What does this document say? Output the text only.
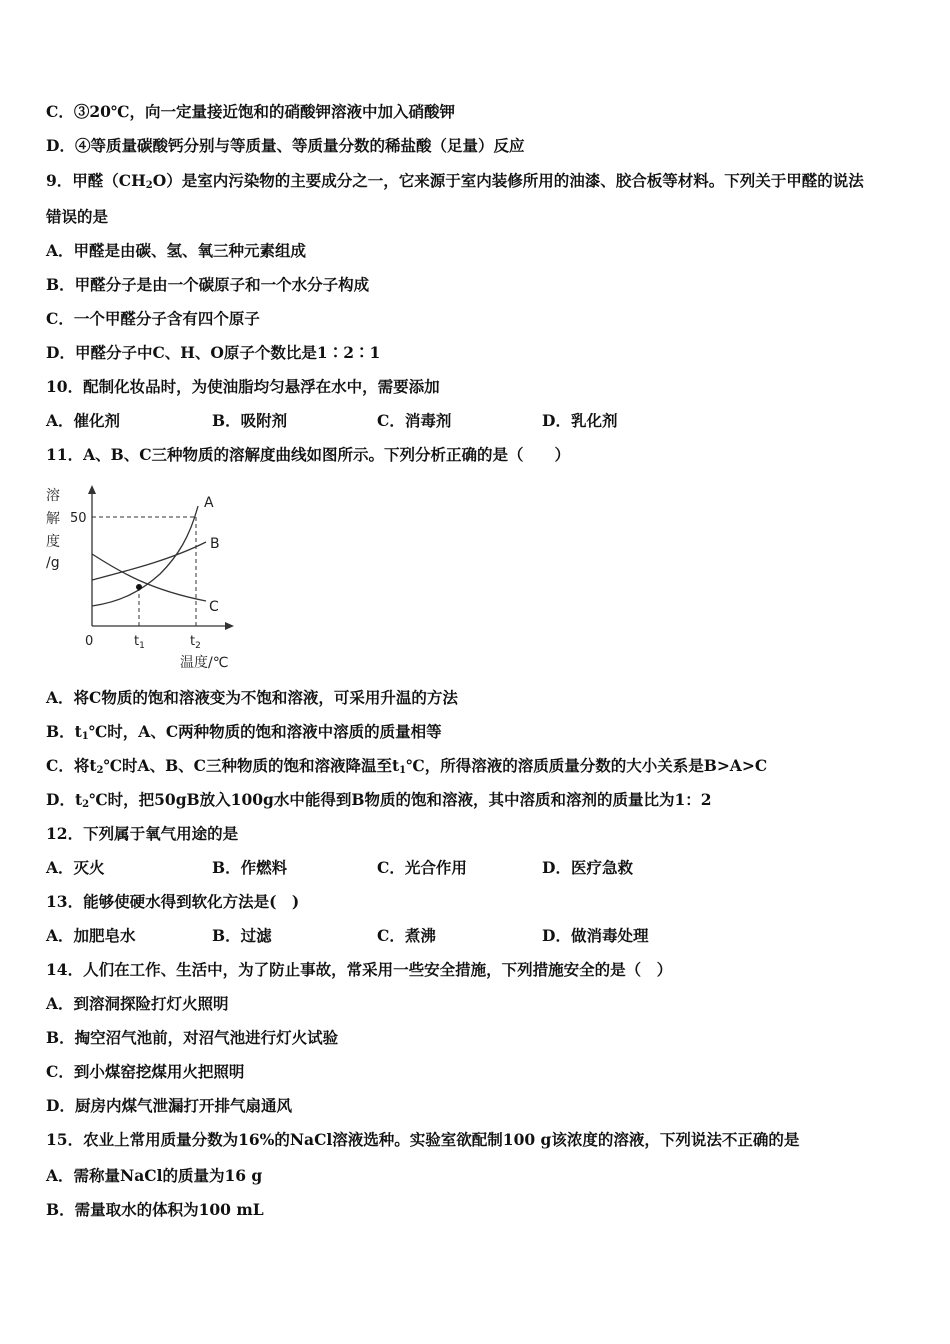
C．③20℃，向一定量接近饱和的硝酸钾溶液中加入硝酸钾
D．④等质量碳酸钙分别与等质量、等质量分数的稀盐酸（足量）反应
9．甲醛$(CH_2O)$是室内污染物的主要成分之一，它来源于室内装修所用的油漆、胶合板等材料。下列关于甲醛的说法
错误的是
A．甲醛是由碳、氢、氧三种元素组成
B．甲醛分子是由一个碳原子和一个水分子构成
C．一个甲醛分子含有四个原子
D．甲醛分子中C、H、O原子个数比是1∶2∶1
10．配制化妆品时，为使油脂均匀悬浮在水中，需要添加
A．催化剂	B．吸附剂	C．消毒剂	D．乳化剂
11．A、B、C三种物质的溶解度曲线如图所示。下列分析正确的是（　　）
溶
解
度
/g
A
B
C
50
0	$t_1$	$t_2$
温度/℃
A．将C物质的饱和溶液变为不饱和溶液，可采用升温的方法
B．$t_1℃$时，A、C两种物质的饱和溶液中溶质的质量相等
C．将$t_2℃$时A、B、C三种物质的饱和溶液降温至$t_1℃$，所得溶液的溶质质量分数的大小关系是B>A>C
D．$t_2℃$时，把50gB放入100g水中能得到B物质的饱和溶液，其中溶质和溶剂的质量比为1：2
12．下列属于氧气用途的是
A．灭火	B．作燃料	C．光合作用	D．医疗急救
13．能够使硬水得到软化方法是(　)
A．加肥皂水	B．过滤	C．煮沸	D．做消毒处理
14．人们在工作、生活中，为了防止事故，常采用一些安全措施，下列措施安全的是（　）
A．到溶洞探险打灯火照明
B．掏空沼气池前，对沼气池进行灯火试验
C．到小煤窑挖煤用火把照明
D．厨房内煤气泄漏打开排气扇通风
15．农业上常用质量分数为16%的NaCl溶液选种。实验室欲配制100 g该浓度的溶液，下列说法不正确的是
A．需称量NaCl的质量为16 g
B．需量取水的体积为100 mL
